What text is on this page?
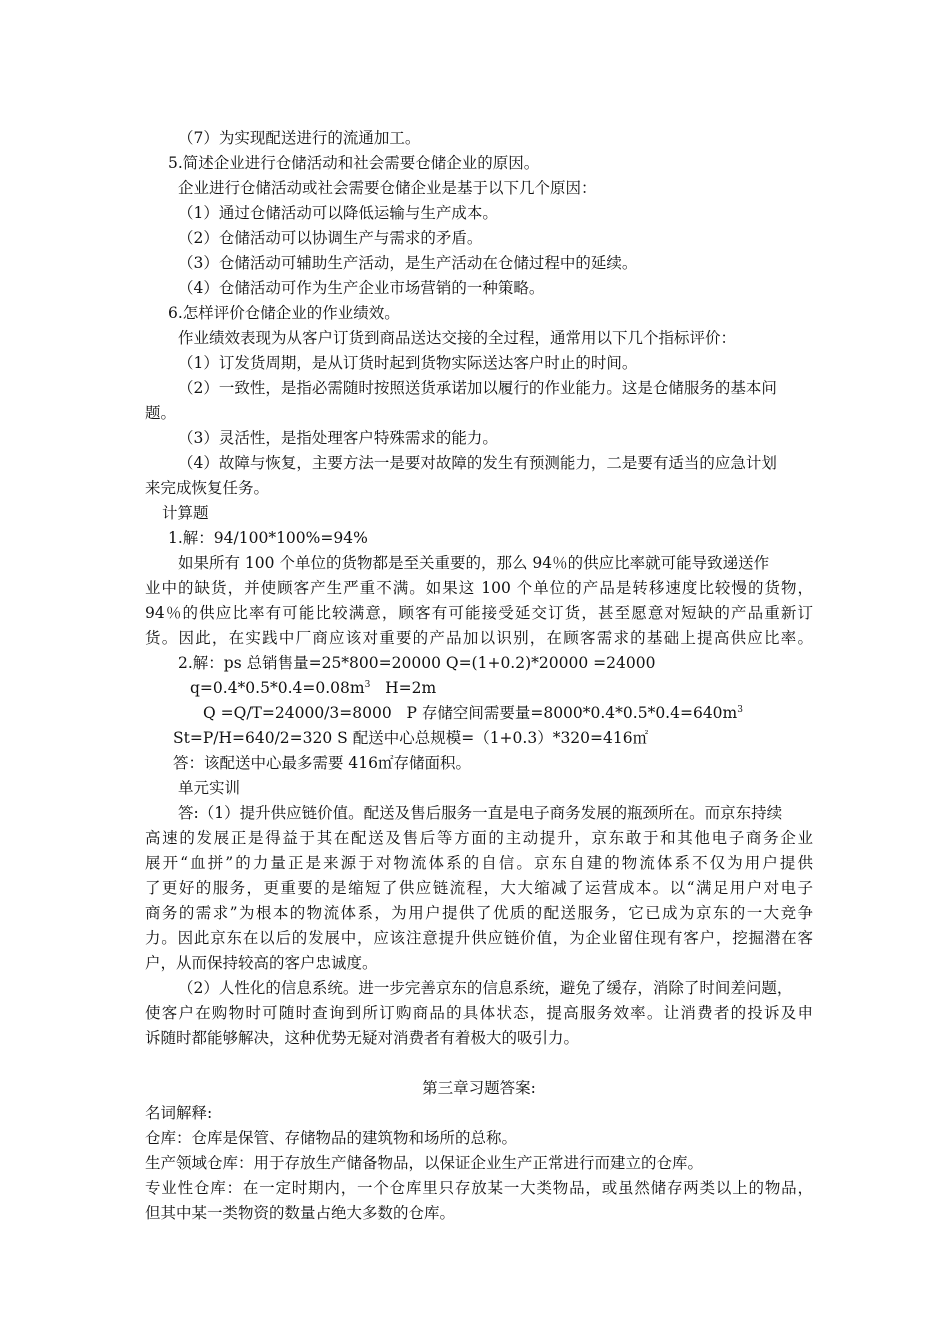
（7）为实现配送进行的流通加工。
5.简述企业进行仓储活动和社会需要仓储企业的原因。
企业进行仓储活动或社会需要仓储企业是基于以下几个原因：
（1）通过仓储活动可以降低运输与生产成本。
（2）仓储活动可以协调生产与需求的矛盾。
（3）仓储活动可辅助生产活动，是生产活动在仓储过程中的延续。
（4）仓储活动可作为生产企业市场营销的一种策略。
6.怎样评价仓储企业的作业绩效。
作业绩效表现为从客户订货到商品送达交接的全过程，通常用以下几个指标评价：
（1）订发货周期，是从订货时起到货物实际送达客户时止的时间。
（2）一致性，是指必需随时按照送货承诺加以履行的作业能力。这是仓储服务的基本问
题。
（3）灵活性，是指处理客户特殊需求的能力。
（4）故障与恢复，主要方法一是要对故障的发生有预测能力，二是要有适当的应急计划
来完成恢复任务。
计算题
1.解：94/100*100%=94%
如果所有 100 个单位的货物都是至关重要的，那么 94％的供应比率就可能导致递送作
业中的缺货，并使顾客产生严重不满。如果这 100 个单位的产品是转移速度比较慢的货物，
94％的供应比率有可能比较满意，顾客有可能接受延交订货，甚至愿意对短缺的产品重新订
货。因此，在实践中厂商应该对重要的产品加以识别，在顾客需求的基础上提高供应比率。
2.解：ps 总销售量=25*800=20000 Q=(1+0.2)*20000 =24000
$q=0.4*0.5*0.4=0.08m^3$   H=2m
Q =Q/T=24000/3=8000   P 存储空间需要量$=8000*0.4*0.5*0.4=640m^3$
St=P/H=640/2=320 S 配送中心总规模=（1+0.3）*320=416㎡
答：该配送中心最多需要 416㎡存储面积。
单元实训
答:（1）提升供应链价值。配送及售后服务一直是电子商务发展的瓶颈所在。而京东持续
高速的发展正是得益于其在配送及售后等方面的主动提升，京东敢于和其他电子商务企业
展开“血拼”的力量正是来源于对物流体系的自信。京东自建的物流体系不仅为用户提供
了更好的服务，更重要的是缩短了供应链流程，大大缩减了运营成本。以“满足用户对电子
商务的需求”为根本的物流体系，为用户提供了优质的配送服务，它已成为京东的一大竞争
力。因此京东在以后的发展中，应该注意提升供应链价值，为企业留住现有客户，挖掘潜在客
户，从而保持较高的客户忠诚度。
（2）人性化的信息系统。进一步完善京东的信息系统，避免了缓存，消除了时间差问题，
使客户在购物时可随时查询到所订购商品的具体状态，提高服务效率。让消费者的投诉及申
诉随时都能够解决，这种优势无疑对消费者有着极大的吸引力。
第三章习题答案:
名词解释:
仓库：仓库是保管、存储物品的建筑物和场所的总称。
生产领域仓库：用于存放生产储备物品，以保证企业生产正常进行而建立的仓库。
专业性仓库：在一定时期内，一个仓库里只存放某一大类物品，或虽然储存两类以上的物品，
但其中某一类物资的数量占绝大多数的仓库。
